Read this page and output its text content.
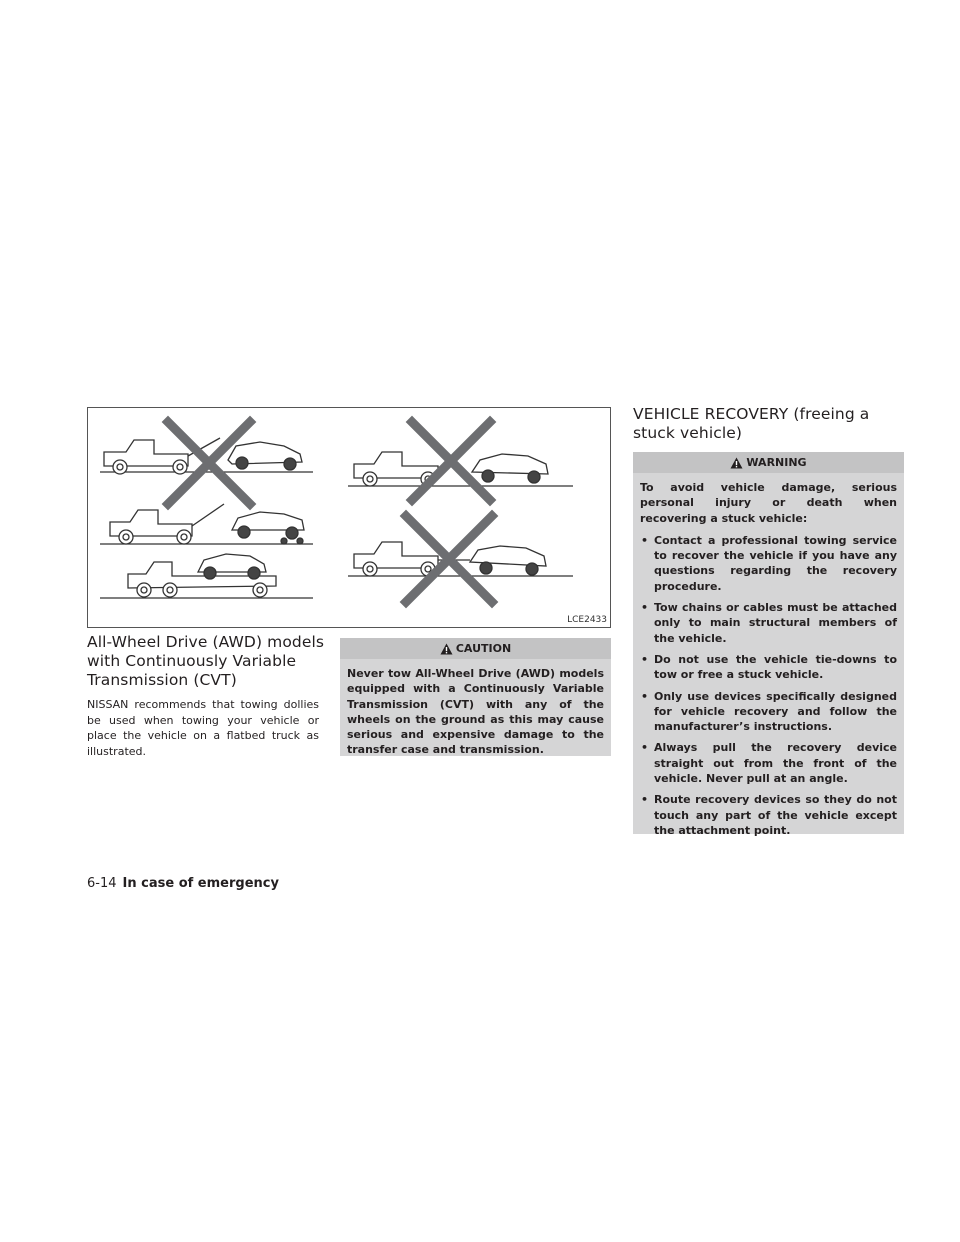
LCE2433
All-Wheel Drive (AWD) models with Continuously Variable Transmission (CVT)
NISSAN recommends that towing dollies be used when towing your vehicle or place the vehicle on a flatbed truck as illustrated.
CAUTION

Never tow All-Wheel Drive (AWD) models equipped with a Continuously Variable Transmission (CVT) with any of the wheels on the ground as this may cause serious and expensive damage to the transfer case and transmission.

VEHICLE RECOVERY (freeing a stuck vehicle)
WARNING

To avoid vehicle damage, serious personal injury or death when recovering a stuck vehicle:

• Contact a professional towing service to recover the vehicle if you have any questions regarding the recovery procedure.
• Tow chains or cables must be attached only to main structural members of the vehicle.
• Do not use the vehicle tie-downs to tow or free a stuck vehicle.
• Only use devices specifically designed for vehicle recovery and follow the manufacturer’s instructions.
• Always pull the recovery device straight out from the front of the vehicle. Never pull at an angle.
• Route recovery devices so they do not touch any part of the vehicle except the attachment point.
6-14 In case of emergency
